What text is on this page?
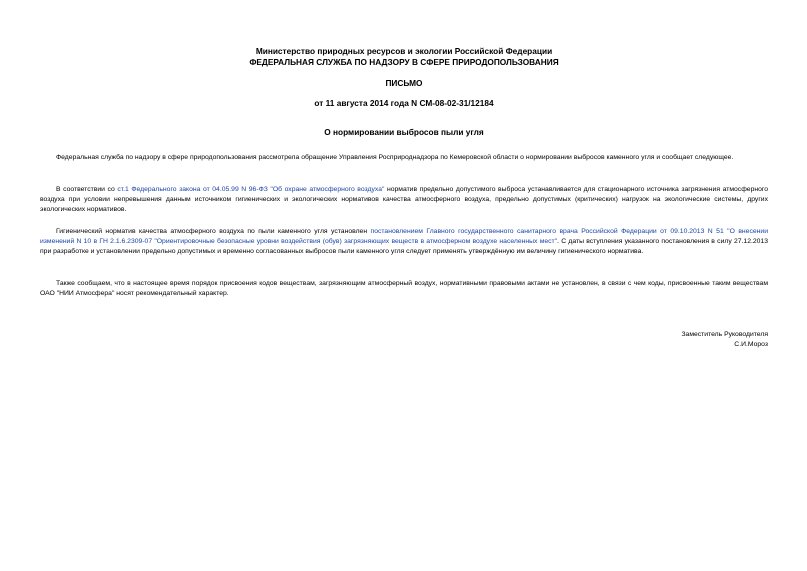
Министерство природных ресурсов и экологии Российской Федерации
ФЕДЕРАЛЬНАЯ СЛУЖБА ПО НАДЗОРУ В СФЕРЕ ПРИРОДОПОЛЬЗОВАНИЯ
ПИСЬМО
от 11 августа 2014 года N СМ-08-02-31/12184
О нормировании выбросов пыли угля

Федеральная служба по надзору в сфере природопользования рассмотрела обращение Управления Росприроднадзора по Кемеровской области о нормировании выбросов каменного угля и сообщает следующее.

В соответствии со ст.1 Федерального закона от 04.05.99 N 96-ФЗ "Об охране атмосферного воздуха" норматив предельно допустимого выброса устанавливается для стационарного источника загрязнения атмосферного воздуха при условии непревышения данным источником гигиенических и экологических нормативов качества атмосферного воздуха, предельно допустимых (критических) нагрузок на экологические системы, других экологических нормативов.

Гигиенический норматив качества атмосферного воздуха по пыли каменного угля установлен постановлением Главного государственного санитарного врача Российской Федерации от 09.10.2013 N 51 "О внесении изменений N 10 в ГН 2.1.6.2309-07 "Ориентировочные безопасные уровни воздействия (обув) загрязняющих веществ в атмосферном воздухе населенных мест". С даты вступления указанного постановления в силу 27.12.2013 при разработке и установлении предельно допустимых и временно согласованных выбросов пыли каменного угля следует применять утверждённую им величину гигиенического норматива.

Также сообщаем, что в настоящее время порядок присвоения кодов веществам, загрязняющим атмосферный воздух, нормативными правовыми актами не установлен, в связи с чем коды, присвоенные таким веществам ОАО "НИИ Атмосфера" носят рекомендательный характер.

Заместитель Руководителя
С.И.Мороз
